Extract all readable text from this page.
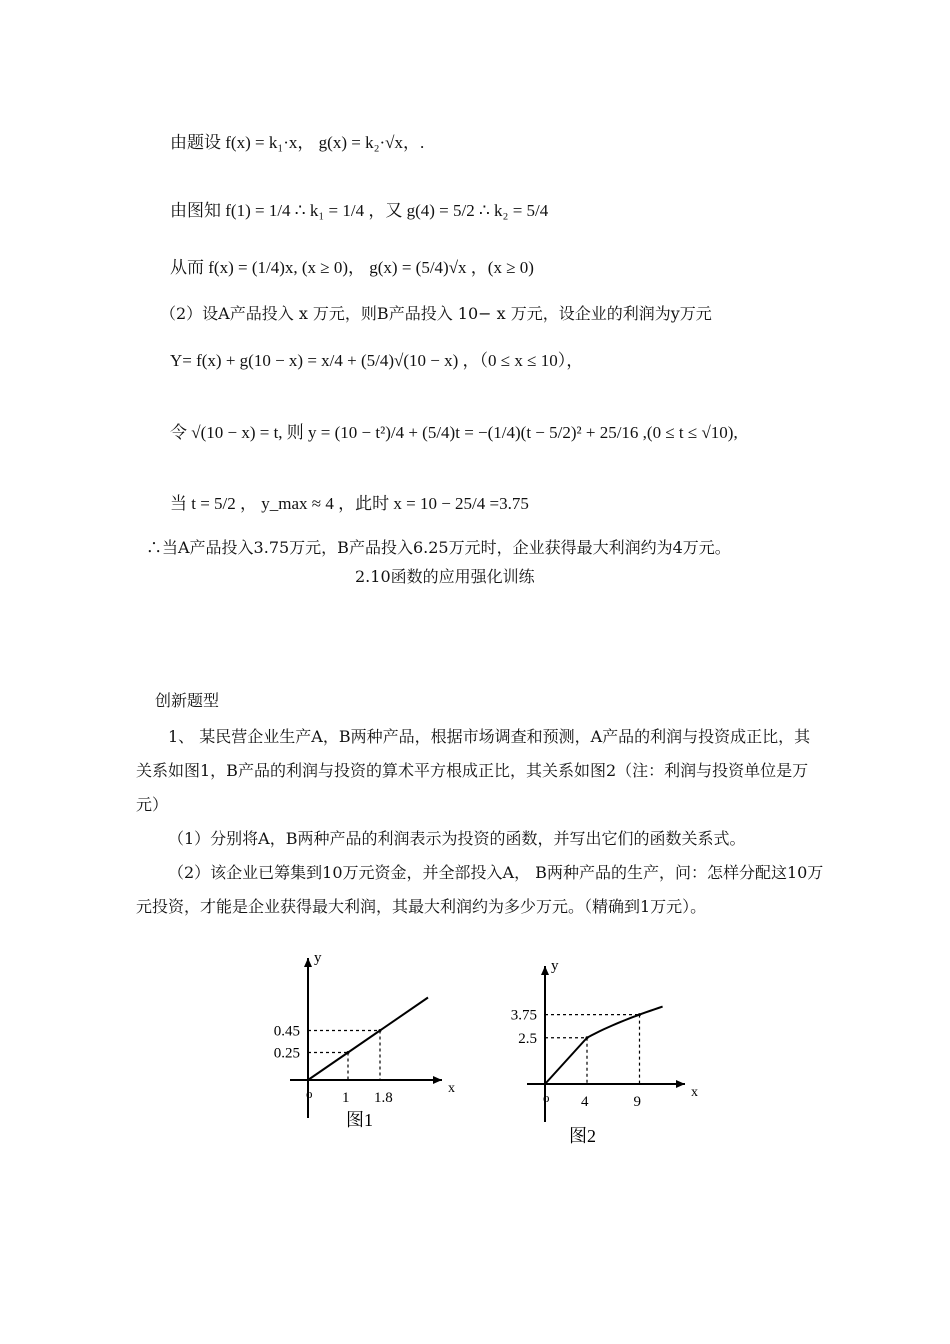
由题设 f(x) = k₁·x， g(x) = k₂·√x，.
由图知 f(1) = 1/4 ∴ k₁ = 1/4 ，又 g(4) = 5/2 ∴ k₂ = 5/4
从而 f(x) = (1/4)x, (x ≥ 0)， g(x) = (5/4)√x ，(x ≥ 0)
（2）设A产品投入 x 万元，则B产品投入 10− x 万元，设企业的利润为y万元
Y= f(x) + g(10 − x) = x/4 + (5/4)√(10 − x) ，（0 ≤ x ≤ 10），
令 √(10 − x) = t, 则 y = (10 − t²)/4 + (5/4)t = −(1/4)(t − 5/2)² + 25/16 ,(0 ≤ t ≤ √10),
当 t = 5/2 ， y_max ≈ 4 ，此时 x = 10 − 25/4 =3.75
∴当A产品投入3.75万元，B产品投入6.25万元时，企业获得最大利润约为4万元。
2.10函数的应用强化训练
创新题型
1、 某民营企业生产A，B两种产品，根据市场调查和预测，A产品的利润与投资成正比，其关系如图1，B产品的利润与投资的算术平方根成正比，其关系如图2（注：利润与投资单位是万元）
（1）分别将A，B两种产品的利润表示为投资的函数，并写出它们的函数关系式。
（2）该企业已筹集到10万元资金，并全部投入A， B两种产品的生产，问：怎样分配这10万元投资，才能是企业获得最大利润，其最大利润约为多少万元。（精确到1万元）。
x
y
o 1
0.25
1.8
0.45
图1
x
y
o 4
2.5
9
3.75
图2
